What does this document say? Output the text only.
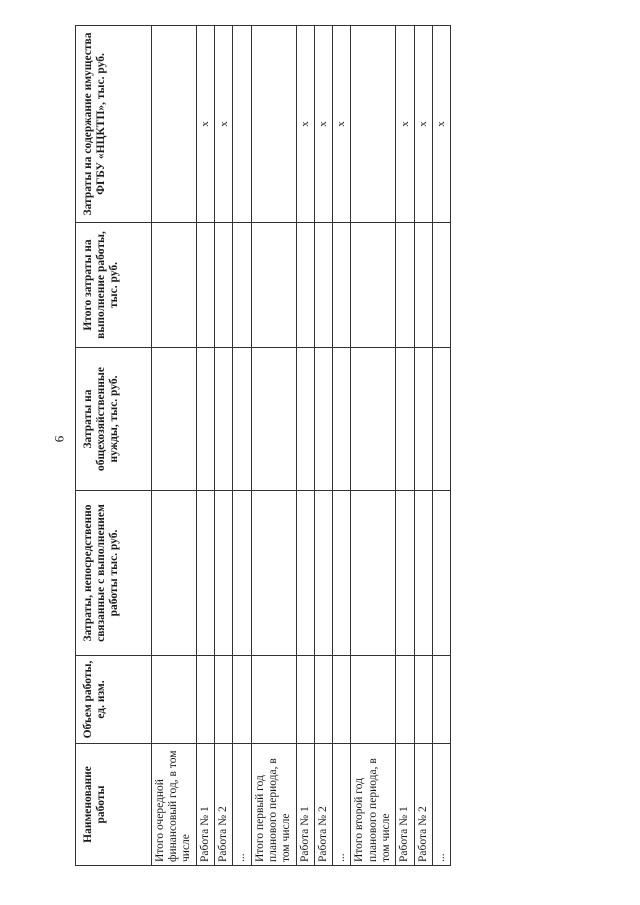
9
Наименование работы	Объем работы, ед. изм.	Затраты, непосредственно связанные с выполнением работы тыс. руб.	Затраты на общехозяйственные нужды, тыс. руб.	Итого затраты на выполнение работы, тыс. руб.	Затраты на содержание имущества ФГБУ «НЦКТП», тыс. руб.
Итого очередной финансовый год, в том числе					
Работа № 1					x
Работа № 2					x
...					
Итого первый год планового периода, в том числе					
Работа № 1					x
Работа № 2					x
...					x
Итого второй год планового периода, в том числе					
Работа № 1					x
Работа № 2					x
...					x
